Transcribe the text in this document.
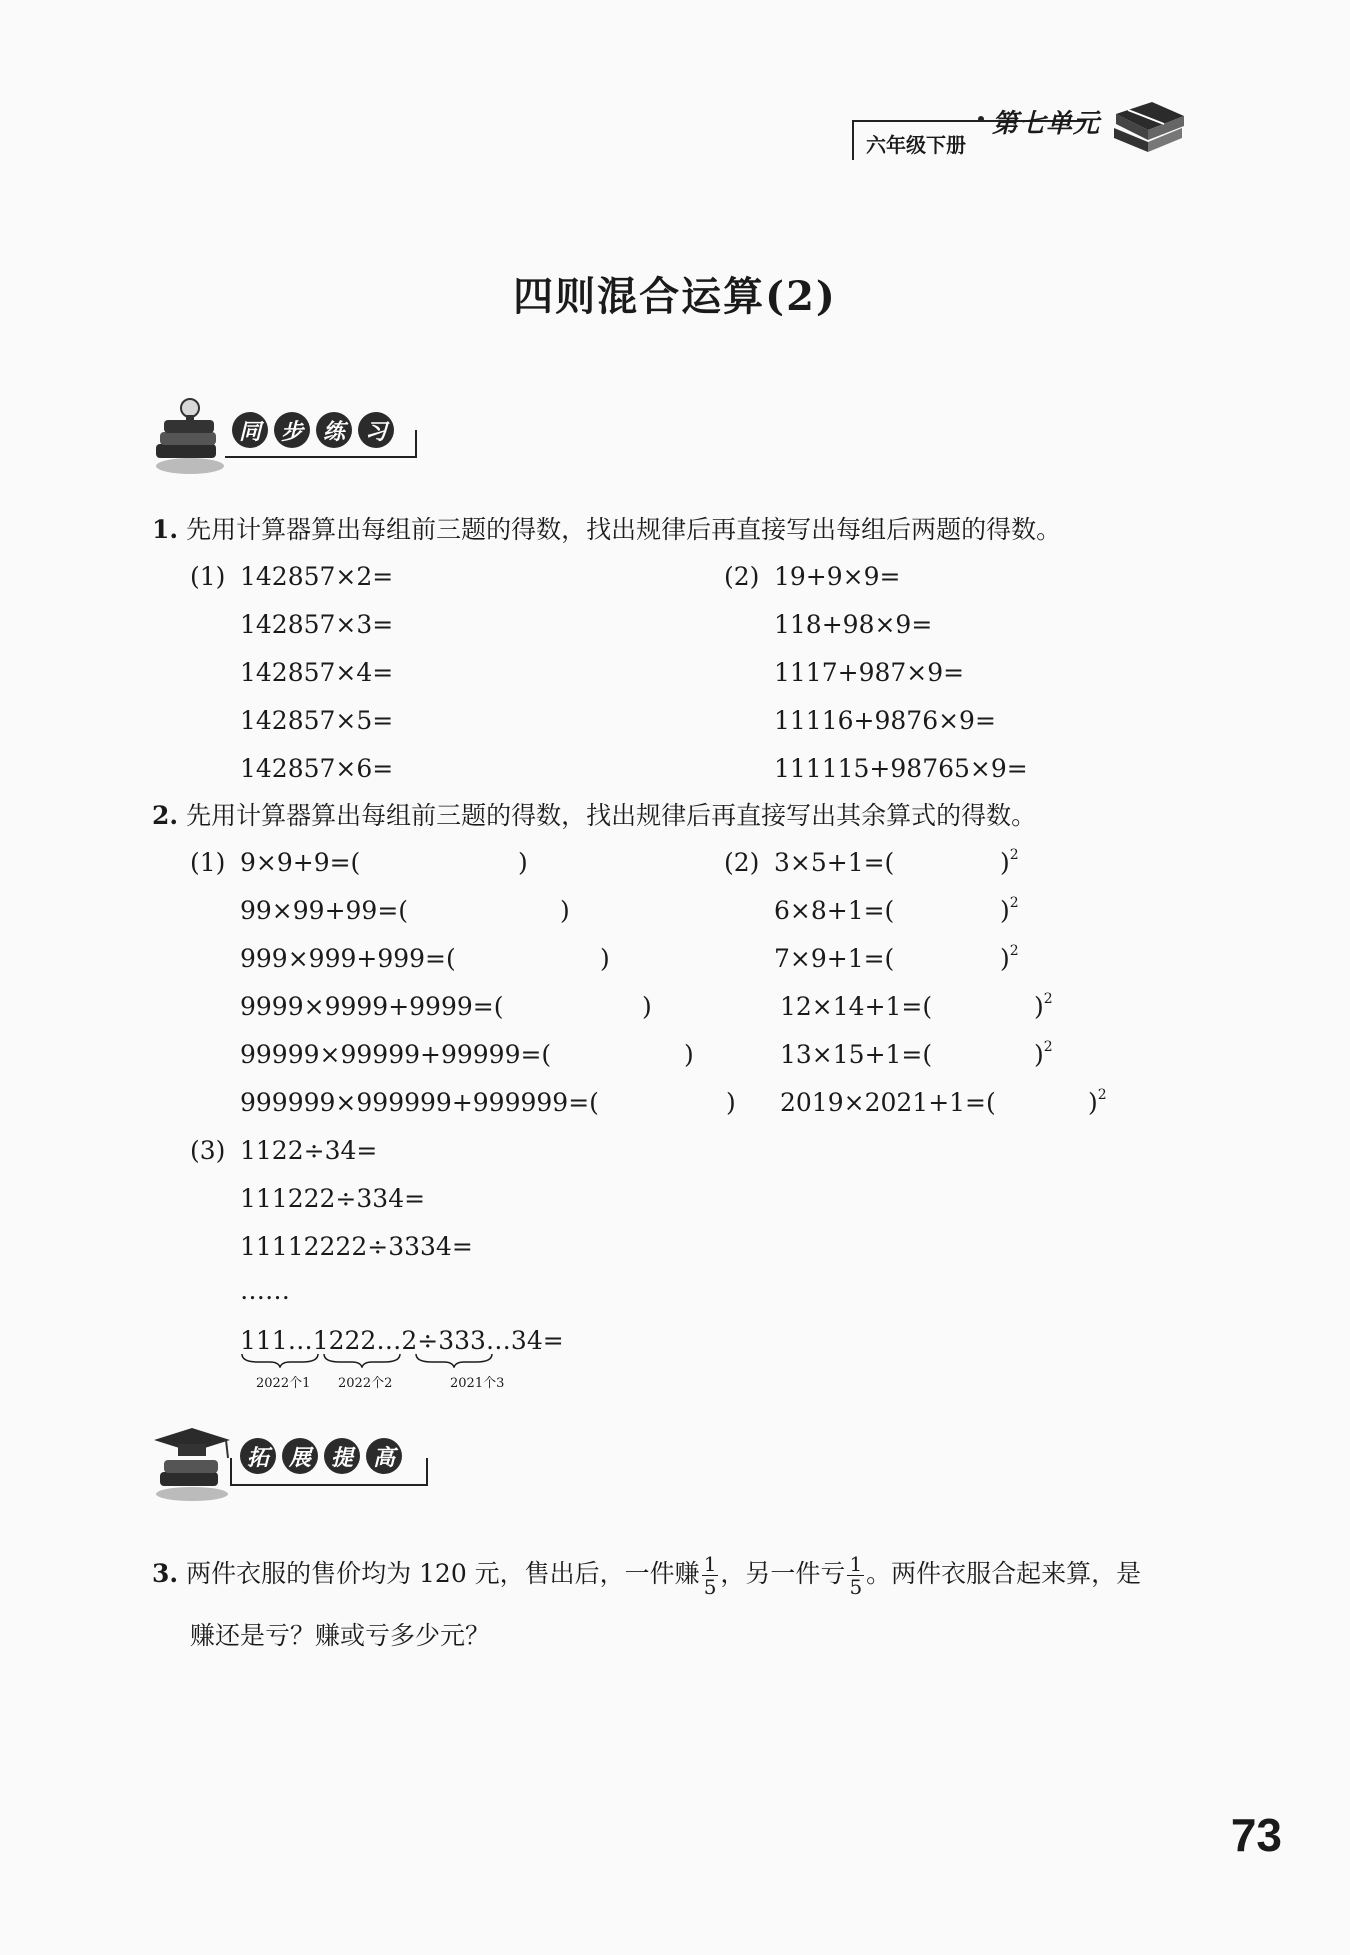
六年级下册
第七单元
四则混合运算(2)
同 步 练 习
1. 先用计算器算出每组前三题的得数，找出规律后再直接写出每组后两题的得数。
(1) 142857×2=
142857×3=
142857×4=
142857×5=
142857×6=
(2) 19+9×9=
118+98×9=
1117+987×9=
11116+9876×9=
111115+98765×9=
2. 先用计算器算出每组前三题的得数，找出规律后再直接写出其余算式的得数。
(1) 9×9+9=(	)
99×99+99=(	)
999×999+999=(	)
9999×9999+9999=(	)
99999×99999+99999=(	)
999999×999999+999999=(	)
(2) 3×5+1=(	)$^2$
6×8+1=(	)$^2$
7×9+1=(	)$^2$
12×14+1=(	)$^2$
13×15+1=(	)$^2$
2019×2021+1=(	)$^2$
(3) 1122÷34=
111222÷334=
11112222÷3334=
……
111…1222…2÷333…34=
2022个1 2022个2	2021个3
拓 展 提 高
3. 两件衣服的售价均为 120 元，售出后，一件赚 $\frac{1}{5}$ ，另一件亏 $\frac{1}{5}$ 。两件衣服合起来算，是
赚还是亏？赚或亏多少元？
73
